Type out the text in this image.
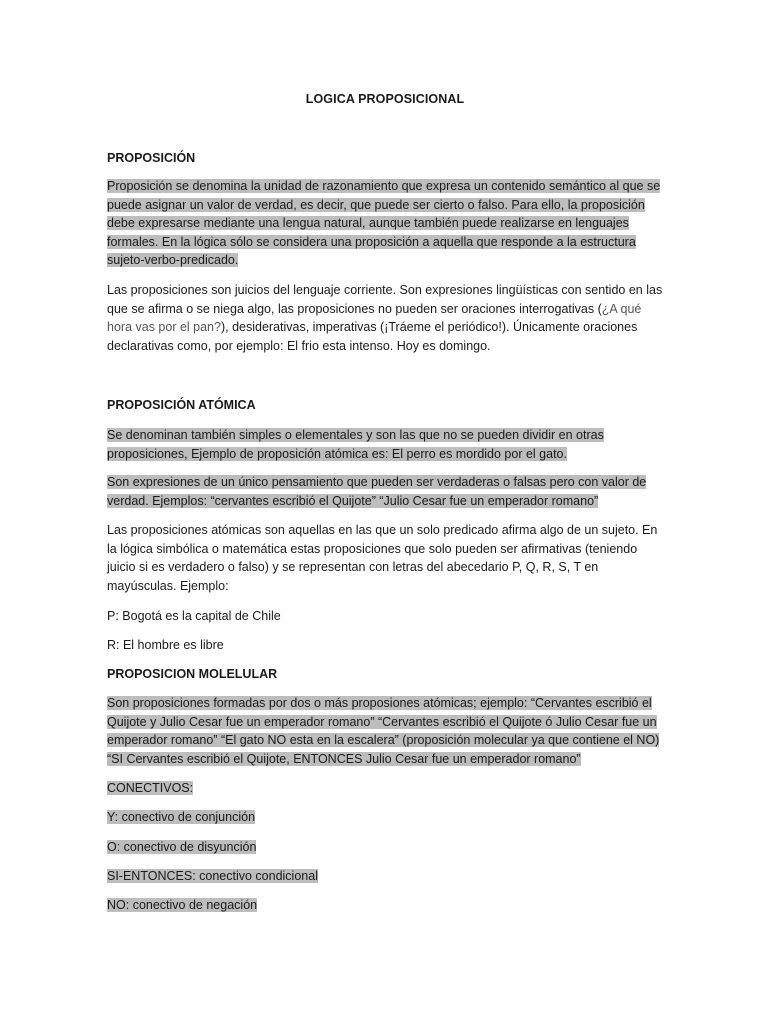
LOGICA PROPOSICIONAL

PROPOSICIÓN

Proposición se denomina la unidad de razonamiento que expresa un contenido semántico al que se puede asignar un valor de verdad, es decir, que puede ser cierto o falso. Para ello, la proposición debe expresarse mediante una lengua natural, aunque también puede realizarse en lenguajes formales. En la lógica sólo se considera una proposición a aquella que responde a la estructura sujeto-verbo-predicado.

Las proposiciones son juicios del lenguaje corriente. Son expresiones lingüísticas con sentido en las que se afirma o se niega algo, las proposiciones no pueden ser oraciones interrogativas (¿A qué hora vas por el pan?), desiderativas, imperativas (¡Tráeme el periódico!). Únicamente oraciones declarativas como, por ejemplo: El frio esta intenso. Hoy es domingo.

PROPOSICIÓN ATÓMICA

Se denominan también simples o elementales y son las que no se pueden dividir en otras proposiciones, Ejemplo de proposición atómica es: El perro es mordido por el gato.

Son expresiones de un único pensamiento que pueden ser verdaderas o falsas pero con valor de verdad. Ejemplos: “cervantes escribió el Quijote” “Julio Cesar fue un emperador romano”

Las proposiciones atómicas son aquellas en las que un solo predicado afirma algo de un sujeto. En la lógica simbólica o matemática estas proposiciones que solo pueden ser afirmativas (teniendo juicio si es verdadero o falso) y se representan con letras del abecedario P, Q, R, S, T en mayúsculas. Ejemplo:

P: Bogotá es la capital de Chile

R: El hombre es libre

PROPOSICION MOLELULAR

Son proposiciones formadas por dos o más proposiones atómicas; ejemplo: “Cervantes escribió el Quijote y Julio Cesar fue un emperador romano” “Cervantes escribió el Quijote ó Julio Cesar fue un emperador romano” “El gato NO esta en la escalera” (proposición molecular ya que contiene el NO) “SI Cervantes escribió el Quijote, ENTONCES Julio Cesar fue un emperador romano”

CONECTIVOS:

Y: conectivo de conjunción

O: conectivo de disyunción

SI-ENTONCES: conectivo condicional

NO: conectivo de negación
